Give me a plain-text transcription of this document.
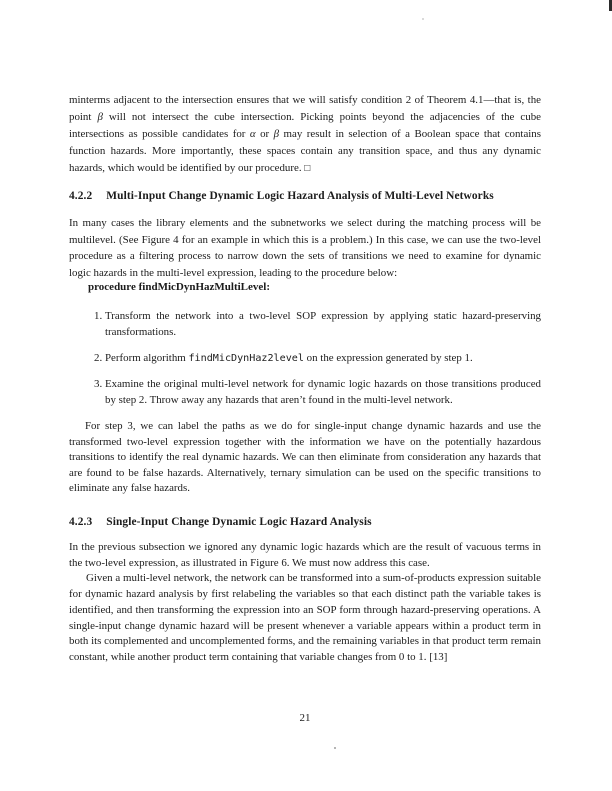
minterms adjacent to the intersection ensures that we will satisfy condition 2 of Theorem 4.1—that is, the point β will not intersect the cube intersection. Picking points beyond the adjacencies of the cube intersections as possible candidates for α or β may result in selection of a Boolean space that contains function hazards. More importantly, these spaces contain any transition space, and thus any dynamic hazards, which would be identified by our procedure. □

4.2.2 Multi-Input Change Dynamic Logic Hazard Analysis of Multi-Level Networks

In many cases the library elements and the subnetworks we select during the matching process will be multilevel. (See Figure 4 for an example in which this is a problem.) In this case, we can use the two-level procedure as a filtering process to narrow down the sets of transitions we need to examine for dynamic logic hazards in the multi-level expression, leading to the procedure below:

procedure findMicDynHazMultiLevel:

1. Transform the network into a two-level SOP expression by applying static hazard-preserving transformations.
2. Perform algorithm findMicDynHaz2level on the expression generated by step 1.
3. Examine the original multi-level network for dynamic logic hazards on those transitions produced by step 2. Throw away any hazards that aren’t found in the multi-level network.

For step 3, we can label the paths as we do for single-input change dynamic hazards and use the transformed two-level expression together with the information we have on the potentially hazardous transitions to identify the real dynamic hazards. We can then eliminate from consideration any hazards that are found to be false hazards. Alternatively, ternary simulation can be used on the specific transitions to eliminate any false hazards.

4.2.3 Single-Input Change Dynamic Logic Hazard Analysis

In the previous subsection we ignored any dynamic logic hazards which are the result of vacuous terms in the two-level expression, as illustrated in Figure 6. We must now address this case.

Given a multi-level network, the network can be transformed into a sum-of-products expression suitable for dynamic hazard analysis by first relabeling the variables so that each distinct path the variable takes is identified, and then transforming the expression into an SOP form through hazard-preserving operations. A single-input change dynamic hazard will be present whenever a variable appears within a product term in both its complemented and uncomplemented forms, and the remaining variables in that product term remain constant, while another product term containing that variable changes from 0 to 1. [13]

21
